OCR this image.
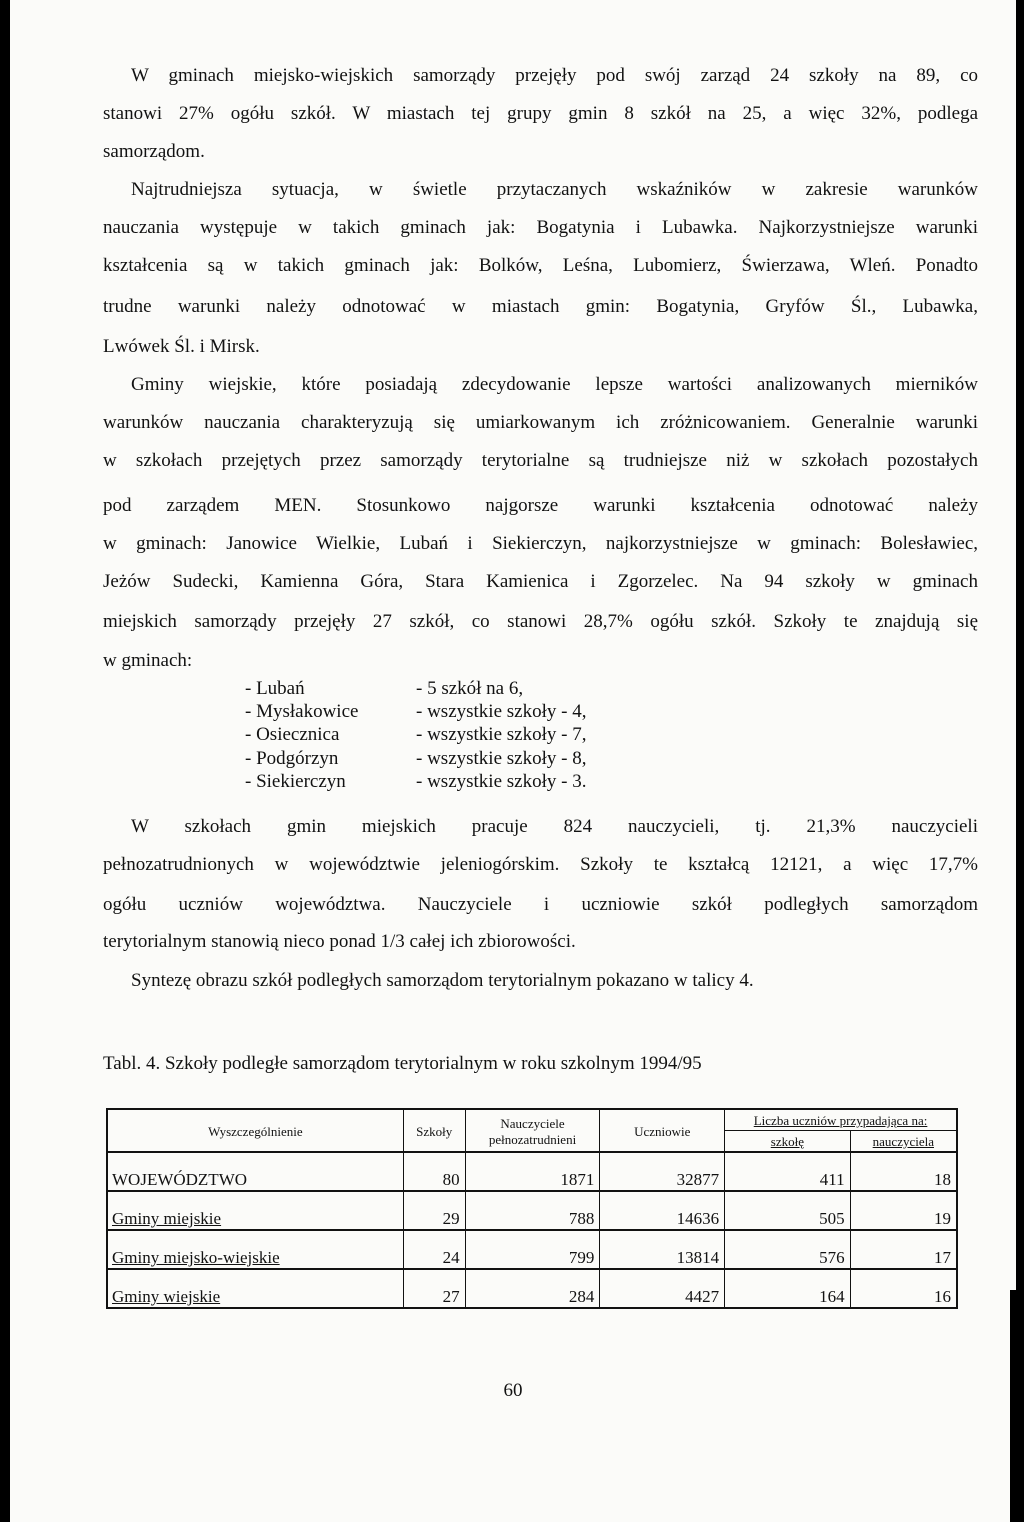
W gminach miejsko-wiejskich samorządy przejęły pod swój zarząd 24 szkoły na 89, co
stanowi 27% ogółu szkół. W miastach tej grupy gmin 8 szkół na 25, a więc 32%, podlega
samorządom.
Najtrudniejsza sytuacja, w świetle przytaczanych wskaźników w zakresie warunków
nauczania występuje w takich gminach jak: Bogatynia i Lubawka. Najkorzystniejsze warunki
kształcenia są w takich gminach jak: Bolków, Leśna, Lubomierz, Świerzawa, Wleń. Ponadto
trudne warunki należy odnotować w miastach gmin: Bogatynia, Gryfów Śl., Lubawka,
Lwówek Śl. i Mirsk.
Gminy wiejskie, które posiadają zdecydowanie lepsze wartości analizowanych mierników
warunków nauczania charakteryzują się umiarkowanym ich zróżnicowaniem. Generalnie warunki
w szkołach przejętych przez samorządy terytorialne są trudniejsze niż w szkołach pozostałych
pod zarządem MEN. Stosunkowo najgorsze warunki kształcenia odnotować należy
w gminach: Janowice Wielkie, Lubań i Siekierczyn, najkorzystniejsze w gminach: Bolesławiec,
Jeżów Sudecki, Kamienna Góra, Stara Kamienica i Zgorzelec. Na 94 szkoły w gminach
miejskich samorządy przejęły 27 szkół, co stanowi 28,7% ogółu szkół. Szkoły te znajdują się
w gminach:
- Lubań	- 5 szkół na 6,
- Mysłakowice	- wszystkie szkoły - 4,
- Osiecznica	- wszystkie szkoły - 7,
- Podgórzyn	- wszystkie szkoły - 8,
- Siekierczyn	- wszystkie szkoły - 3.
W szkołach gmin miejskich pracuje 824 nauczycieli, tj. 21,3% nauczycieli
pełnozatrudnionych w województwie jeleniogórskim. Szkoły te kształcą 12121, a więc 17,7%
ogółu uczniów województwa. Nauczyciele i uczniowie szkół podległych samorządom
terytorialnym stanowią nieco ponad 1/3 całej ich zbiorowości.
Syntezę obrazu szkół podległych samorządom terytorialnym pokazano w talicy 4.
Tabl. 4. Szkoły podległe samorządom terytorialnym w roku szkolnym 1994/95
Wyszczególnienie	Szkoły	Nauczyciele pełnozatrudnieni	Uczniowie	Liczba uczniów przypadająca na:	
				szkołę	nauczyciela
WOJEWÓDZTWO	80	1871	32877	411	18
Gminy miejskie	29	788	14636	505	19
Gminy miejsko-wiejskie	24	799	13814	576	17
Gminy wiejskie	27	284	4427	164	16
60
